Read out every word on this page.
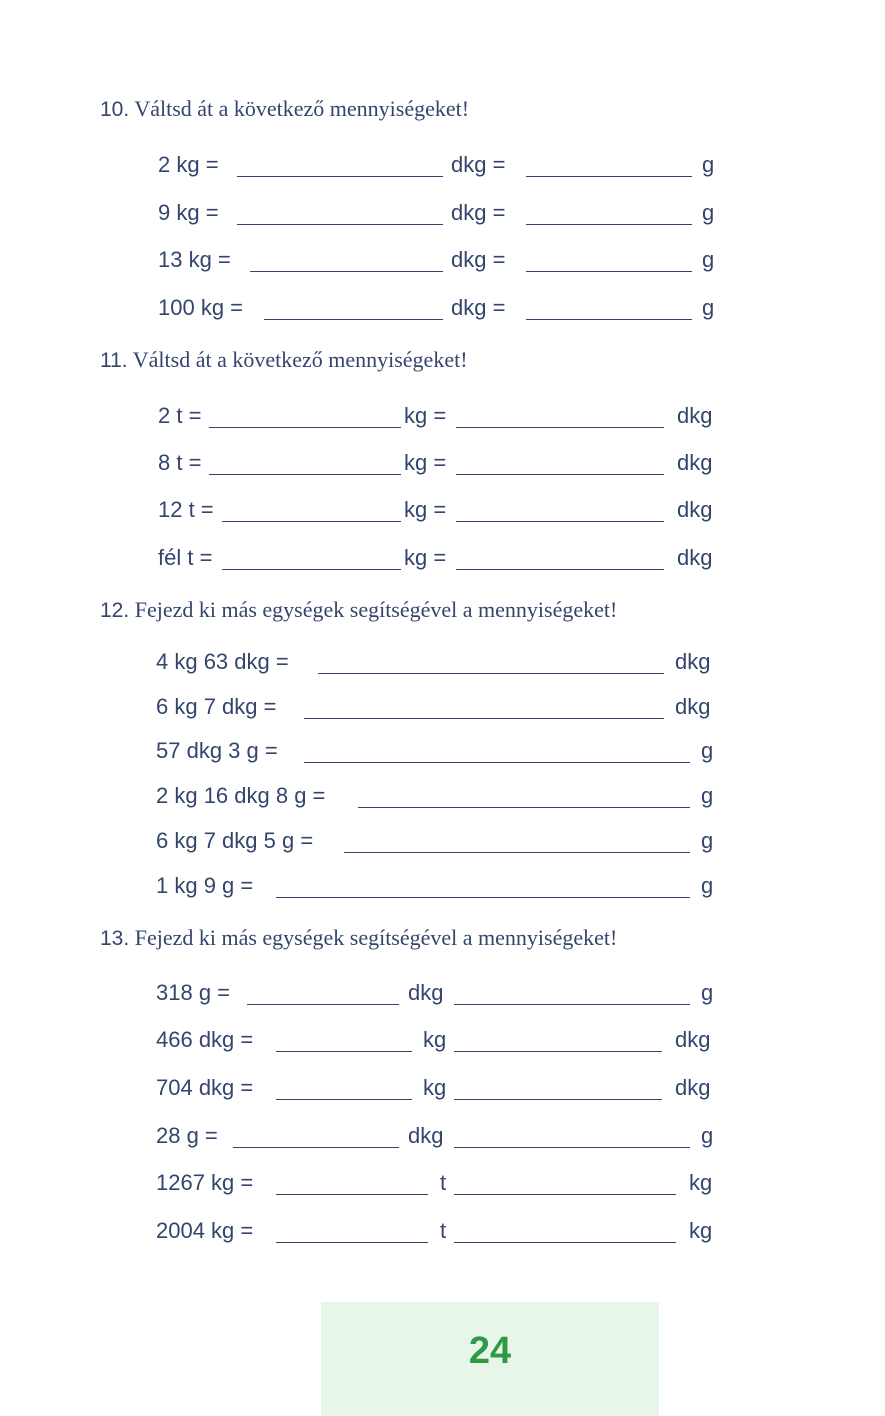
10. Váltsd át a következő mennyiségeket!
2 kg =	dkg =	g
9 kg =	dkg =	g
13 kg =	dkg =	g
100 kg =	dkg =	g
11. Váltsd át a következő mennyiségeket!
2 t =	kg =	dkg
8 t =	kg =	dkg
12 t =	kg =	dkg
fél t =	kg =	dkg
12. Fejezd ki más egységek segítségével a mennyiségeket!
4 kg 63 dkg =	dkg
6 kg 7 dkg =	dkg
57 dkg 3 g =	g
2 kg 16 dkg 8 g =	g
6 kg 7 dkg 5 g =	g
1 kg 9 g =	g
13. Fejezd ki más egységek segítségével a mennyiségeket!
318 g =	dkg	g
466 dkg =	kg	dkg
704 dkg =	kg	dkg
28 g =	dkg	g
1267 kg =	t	kg
2004 kg =	t	kg
24
